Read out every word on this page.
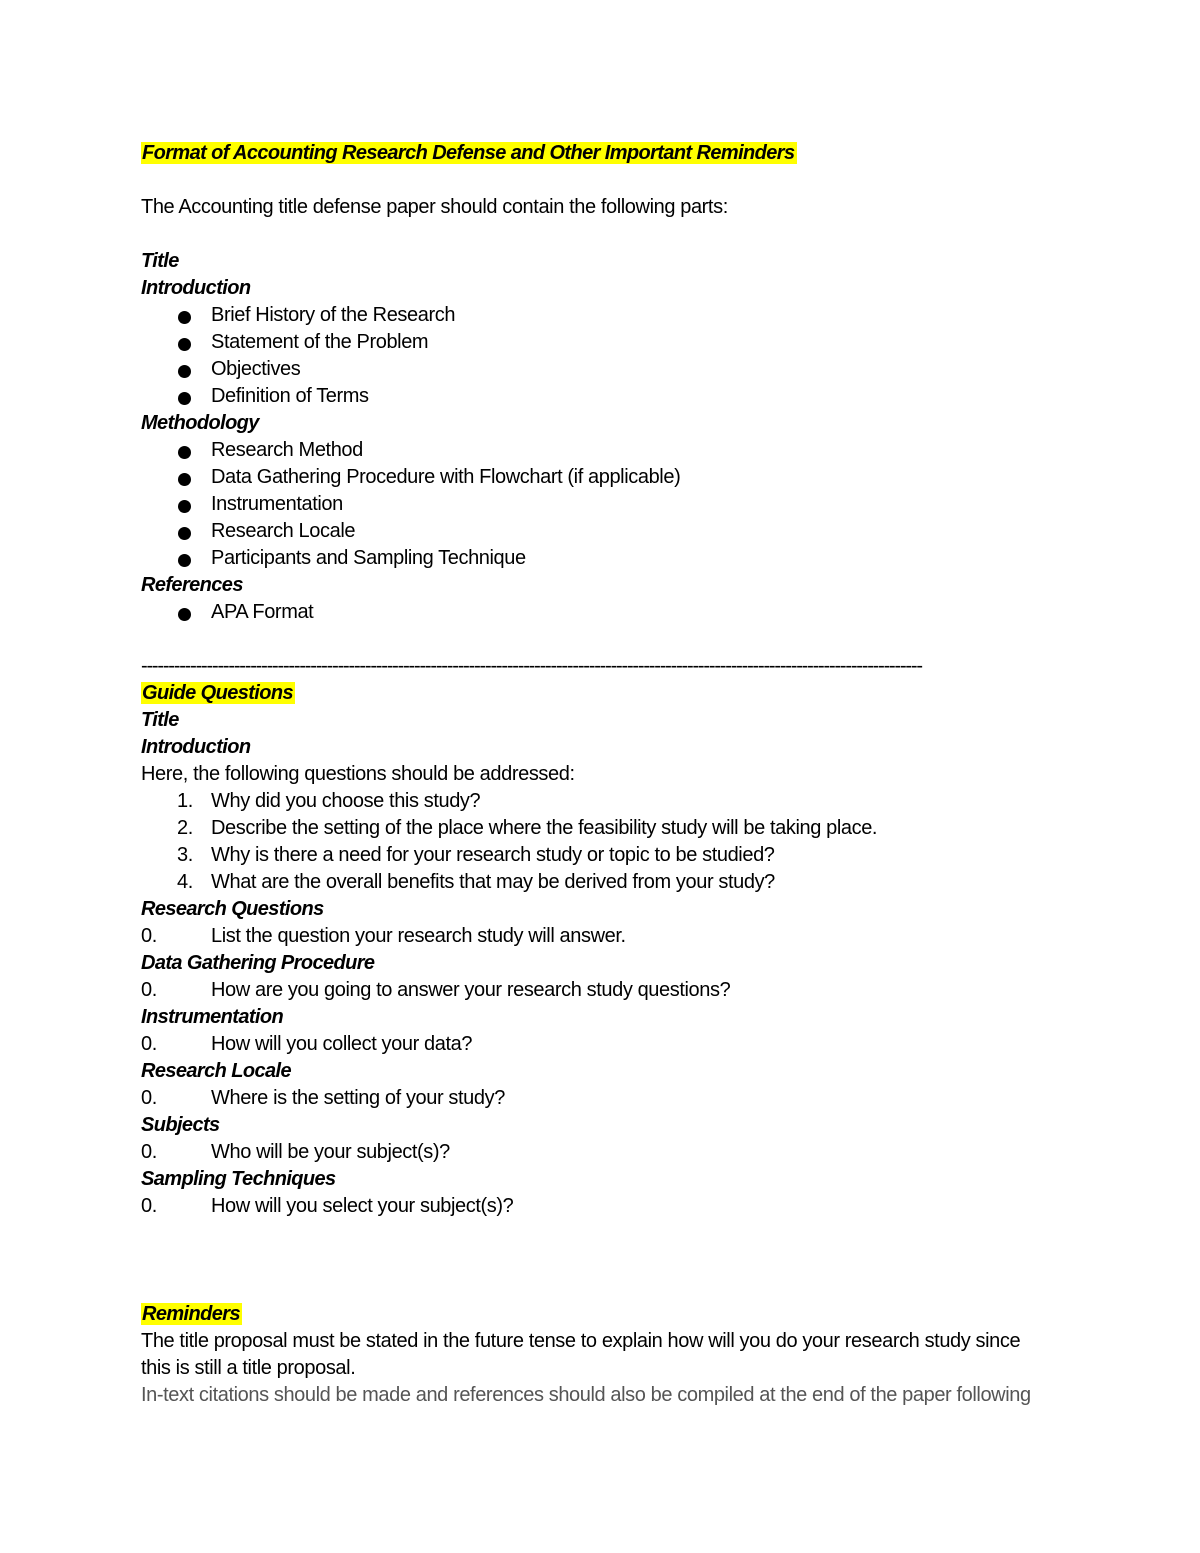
Format of Accounting Research Defense and Other Important Reminders
The Accounting title defense paper should contain the following parts:
Title
Introduction
Brief History of the Research
Statement of the Problem
Objectives
Definition of Terms
Methodology
Research Method
Data Gathering Procedure with Flowchart (if applicable)
Instrumentation
Research Locale
Participants and Sampling Technique
References
APA Format
-----------------------------------------------------------------------------------------------------------------------------------------------
Guide Questions
Title
Introduction
Here, the following questions should be addressed:
1. Why did you choose this study?
2. Describe the setting of the place where the feasibility study will be taking place.
3. Why is there a need for your research study or topic to be studied?
4. What are the overall benefits that may be derived from your study?
Research Questions
0.	List the question your research study will answer.
Data Gathering Procedure
0.	How are you going to answer your research study questions?
Instrumentation
0.	How will you collect your data?
Research Locale
0.	Where is the setting of your study?
Subjects
0.	Who will be your subject(s)?
Sampling Techniques
0.	How will you select your subject(s)?
Reminders
The title proposal must be stated in the future tense to explain how will you do your research study since this is still a title proposal.
In-text citations should be made and references should also be compiled at the end of the paper following
